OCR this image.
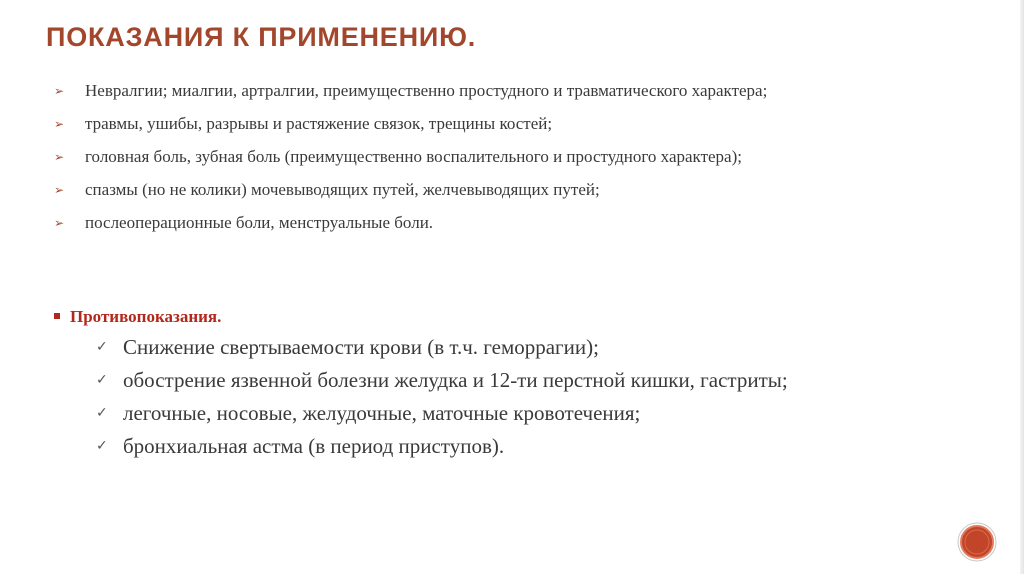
ПОКАЗАНИЯ К ПРИМЕНЕНИЮ.
➢ Невралгии; миалгии, артралгии, преимущественно простудного и травматического характера;
➢ травмы, ушибы, разрывы и растяжение связок, трещины костей;
➢ головная боль, зубная боль (преимущественно воспалительного и простудного характера);
➢ спазмы (но не колики) мочевыводящих путей, желчевыводящих путей;
➢ послеоперационные боли, менструальные боли.
Противопоказания.
✓ Снижение свертываемости крови (в т.ч. геморрагии);
✓ обострение язвенной болезни желудка и 12-ти перстной кишки, гастриты;
✓ легочные, носовые, желудочные, маточные кровотечения;
✓ бронхиальная астма (в период приступов).
